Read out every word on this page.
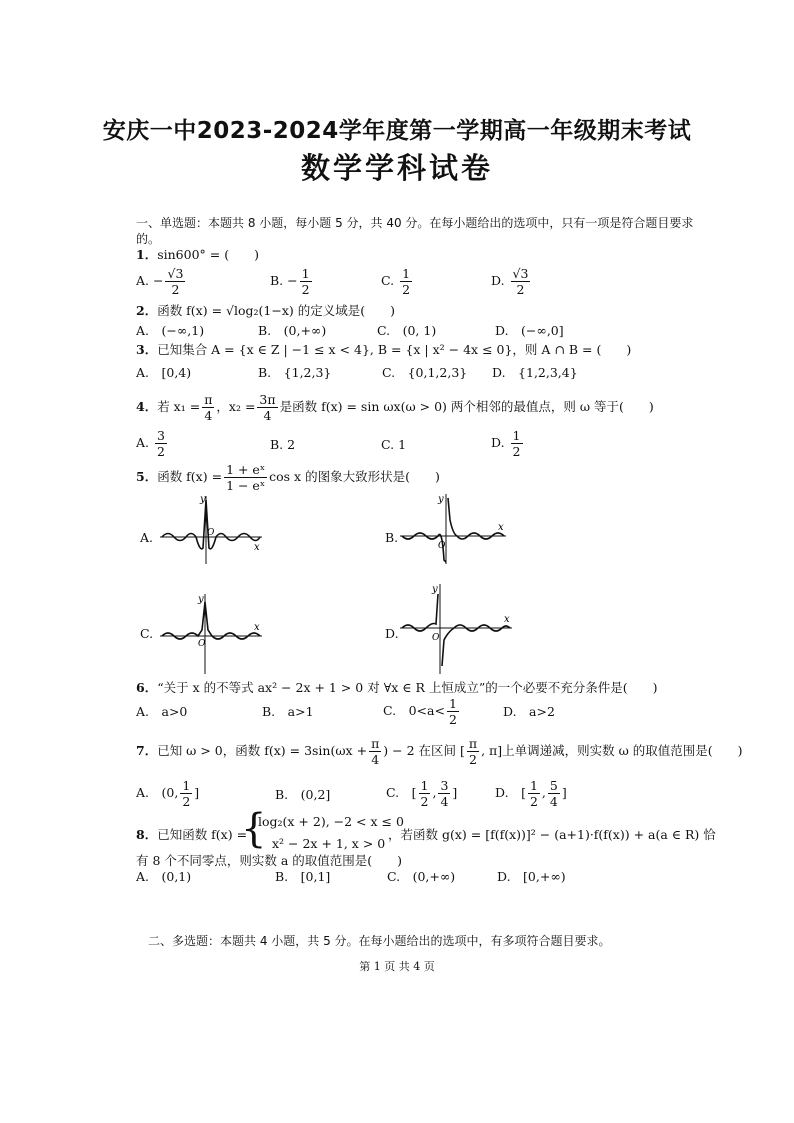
安庆一中2023-2024学年度第一学期高一年级期末考试
数学学科试卷
一、单选题：本题共 8 小题，每小题 5 分，共 40 分。在每小题给出的选项中，只有一项是符合题目要求
的。
1．sin600° = (　　)
A. − $\frac{√3}{2}$	B. − $\frac{1}{2}$	C. $\frac{1}{2}$	D. $\frac{√3}{2}$
2．函数 f(x) = √log₂(1−x) 的定义域是(　　)
A.　(−∞,1)	B.　(0,+∞)	C.　(0, 1)	D.　(−∞,0]
3．已知集合 A = {x ∈ Z | −1 ≤ x < 4}, B = {x | x² − 4x ≤ 0}，则 A ∩ B = (　　)
A.　[0,4)	B.　{1,2,3}	C.　{0,1,2,3} D.　{1,2,3,4}
4．若 $x_1 = \frac{\pi}{4}$ ，$x_2 = \frac{3\pi}{4}$ 是函数 f(x) = sin ωx(ω > 0) 两个相邻的最值点，则 ω 等于(　　)
A. $\frac{3}{2}$	B. 2	C. 1	D. $\frac{1}{2}$
5．函数 $f(x) = \frac{\text{1 + eˣ}}{\text{1 − eˣ}}$ cos x 的图象大致形状是(　　)
A.	B.
C.	D.
y
x
O
y
x
O
y
x
O
y
x
O
6．“关于 x 的不等式 ax² − 2x + 1 > 0 对 ∀x ∈ R 上恒成立”的一个必要不充分条件是(　　)
A.　a>0	B.　a>1	C.　$0<a< \frac{1}{2}$	D.　a>2
7．已知 ω > 0，函数 $f(x) = 3\sin(\omega x + \frac{\pi}{4}$ ) − 2 在区间 [ $\frac{\pi}{2}$ , π]上单调递减，则实数 ω 的取值范围是(　　)
A.　 (0, $\frac{1}{2}$ ]	B.　(0,2]	C.　 [ $\frac{1}{2}$ , $\frac{3}{4}$ ]	D.　 [ $\frac{1}{2}$ , $\frac{5}{4}$ ]
8．已知函数 f(x) =
{
log₂(x + 2), −2 < x ≤ 0
x² − 2x + 1, x > 0
，若函数 g(x) = [f(f(x))]² − (a+1)·f(f(x)) + a(a ∈ R) 恰
有 8 个不同零点，则实数 a 的取值范围是(　　)
A.　(0,1)	B.　[0,1]	C.　(0,+∞)	D.　[0,+∞)
二、多选题：本题共 4 小题，共 5 分。在每小题给出的选项中，有多项符合题目要求。
第 1 页 共 4 页
